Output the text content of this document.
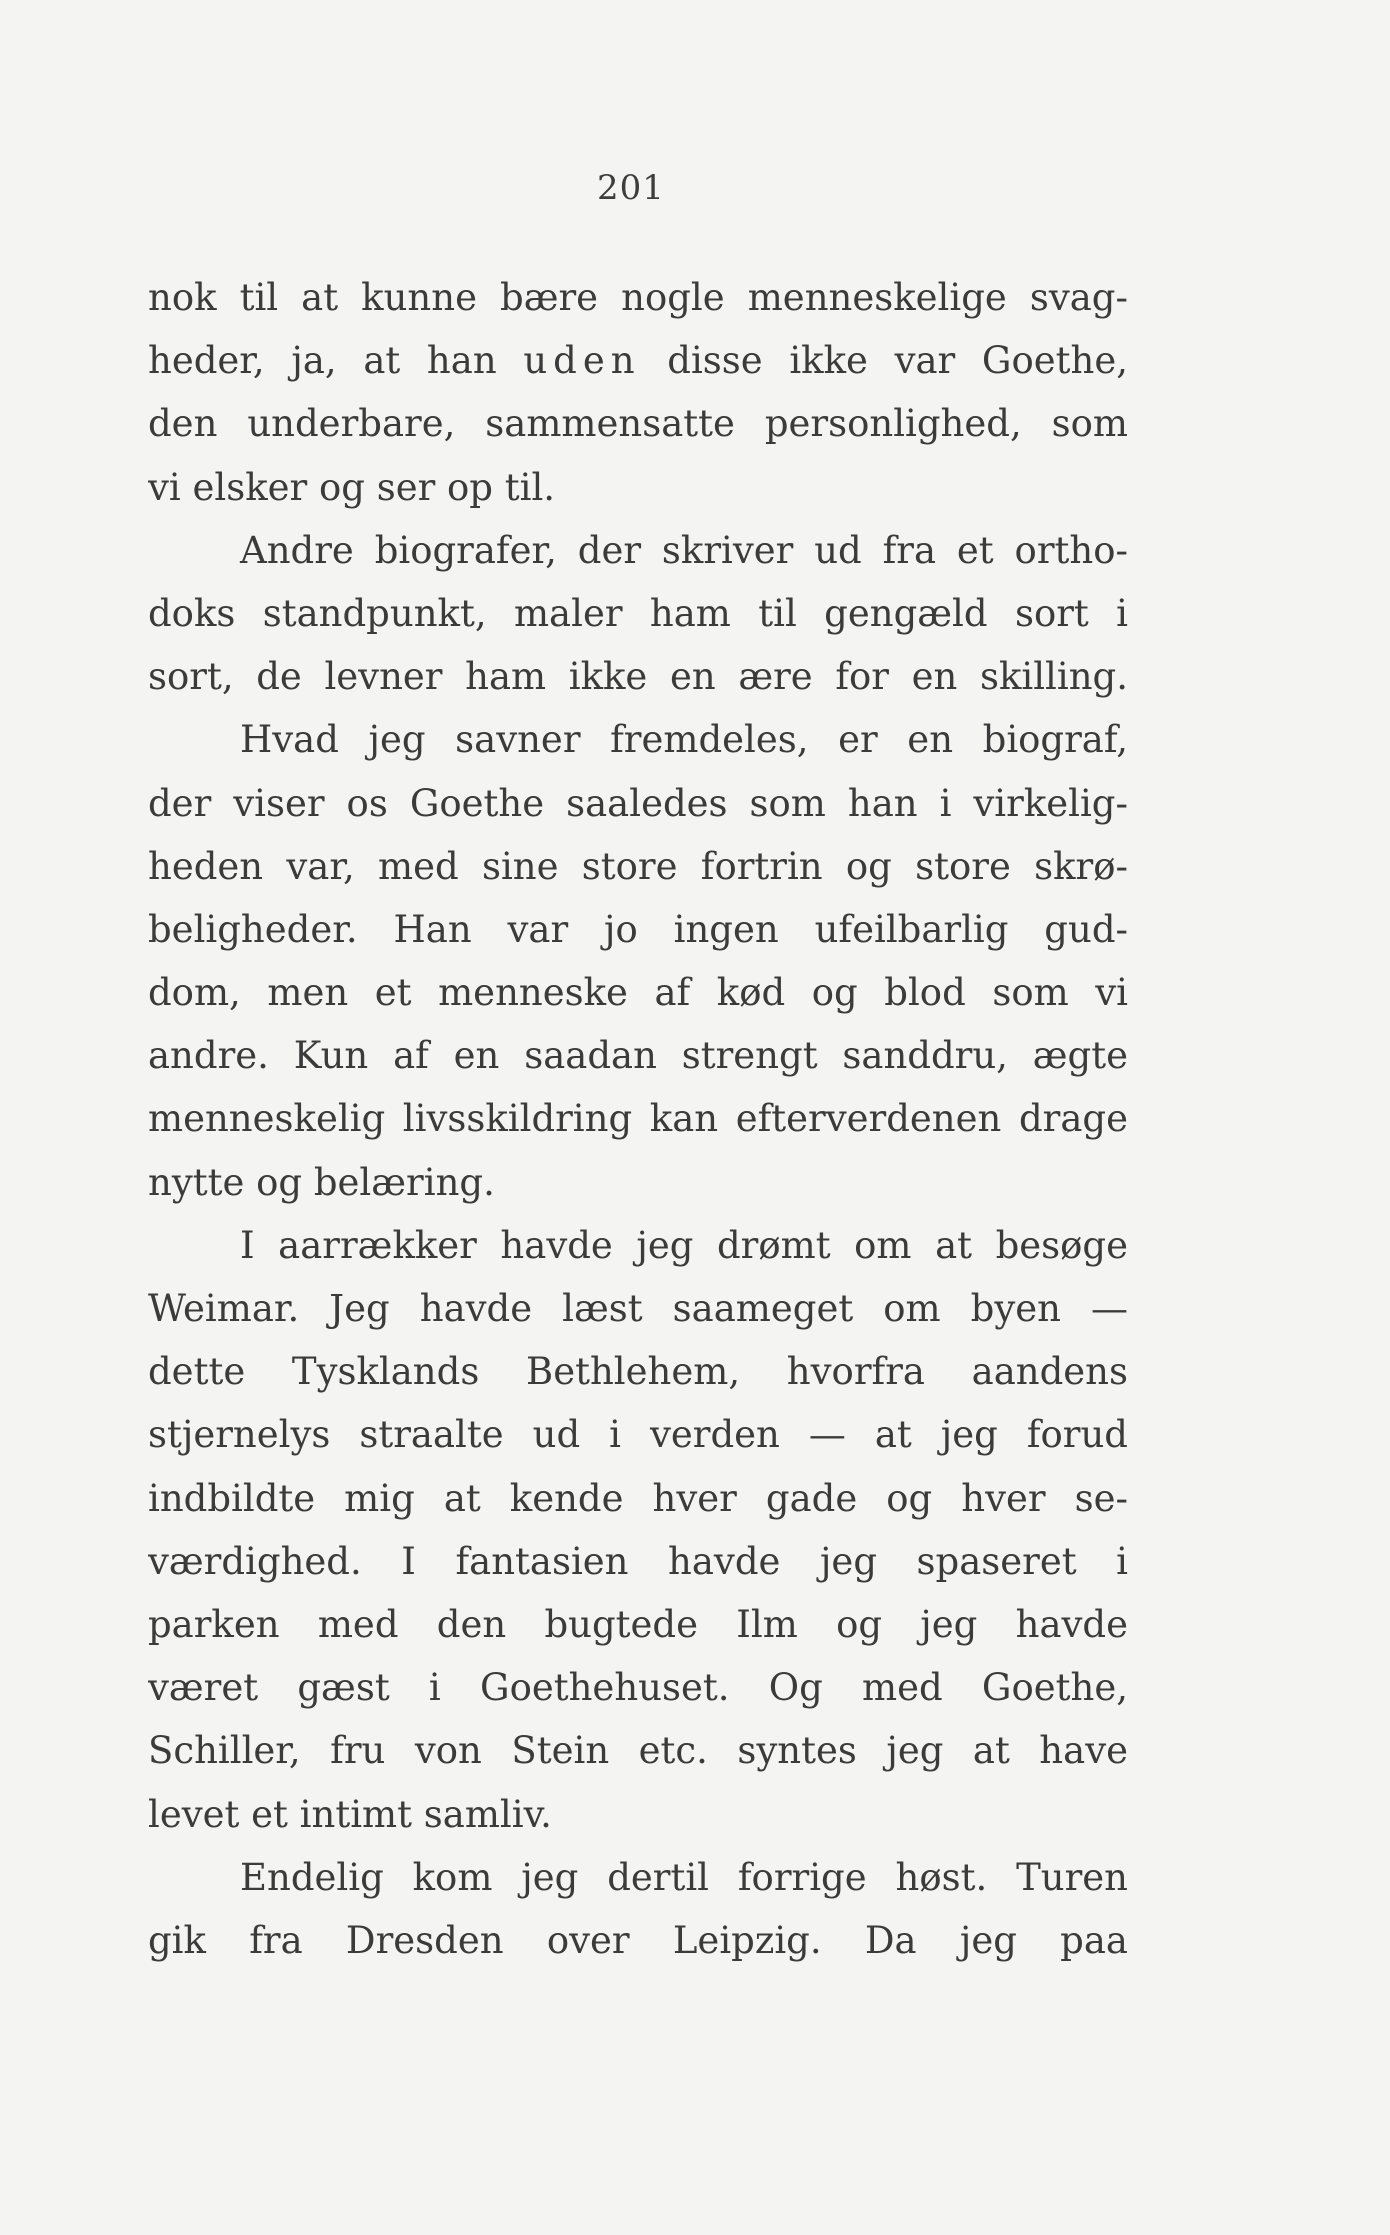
201
nok til at kunne bære nogle menneskelige svag-
heder, ja, at han uden disse ikke var Goethe,
den underbare, sammensatte personlighed, som
vi elsker og ser op til.
Andre biografer, der skriver ud fra et ortho-
doks standpunkt, maler ham til gengæld sort i
sort, de levner ham ikke en ære for en skilling.
Hvad jeg savner fremdeles, er en biograf,
der viser os Goethe saaledes som han i virkelig-
heden var, med sine store fortrin og store skrø-
beligheder. Han var jo ingen ufeilbarlig gud-
dom, men et menneske af kød og blod som vi
andre. Kun af en saadan strengt sanddru, ægte
menneskelig livsskildring kan efterverdenen drage
nytte og belæring.
I aarrækker havde jeg drømt om at besøge
Weimar. Jeg havde læst saameget om byen —
dette Tysklands Bethlehem, hvorfra aandens
stjernelys straalte ud i verden — at jeg forud
indbildte mig at kende hver gade og hver se-
værdighed. I fantasien havde jeg spaseret i
parken med den bugtede Ilm og jeg havde
været gæst i Goethehuset. Og med Goethe,
Schiller, fru von Stein etc. syntes jeg at have
levet et intimt samliv.
Endelig kom jeg dertil forrige høst. Turen
gik fra Dresden over Leipzig. Da jeg paa
